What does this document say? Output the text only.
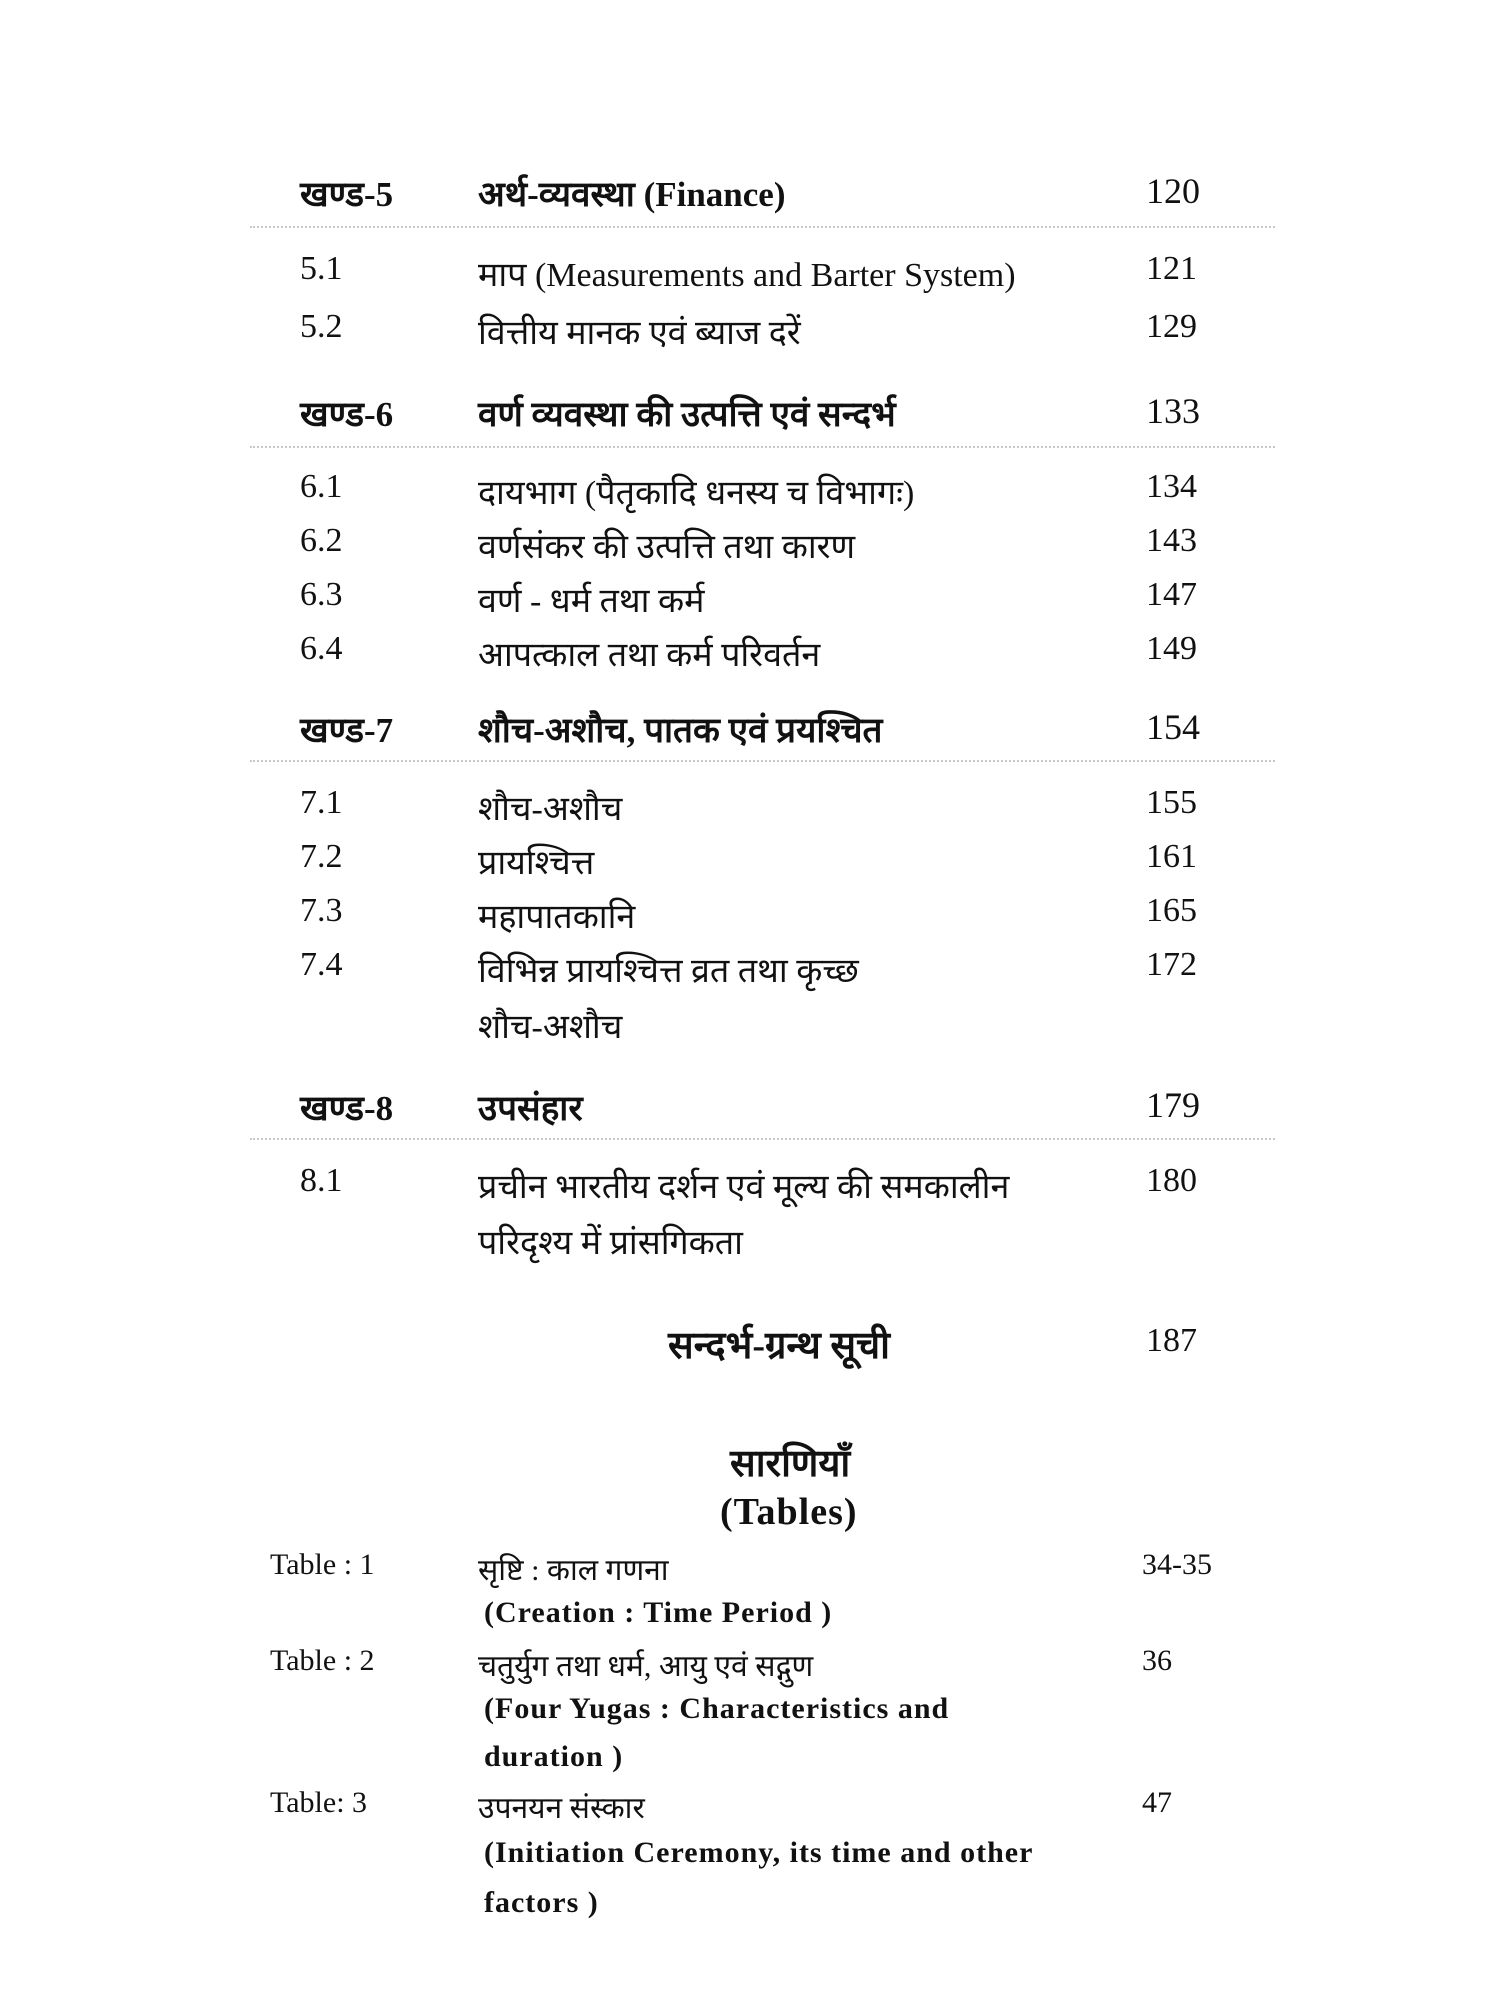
खण्ड-5 अर्थ-व्यवस्था (Finance)	120
5.1	माप (Measurements and Barter System)	121
5.2	वित्तीय मानक एवं ब्याज दरें	129
खण्ड-6 वर्ण व्यवस्था की उत्पत्ति एवं सन्दर्भ	133
6.1	दायभाग (पैतृकादि धनस्य च विभागः)	134
6.2	वर्णसंकर की उत्पत्ति तथा कारण	143
6.3	वर्ण - धर्म तथा कर्म	147
6.4	आपत्काल तथा कर्म परिवर्तन	149
खण्ड-7 शौच-अशौच, पातक एवं प्रयश्चित	154
7.1	शौच-अशौच	155
7.2	प्रायश्चित्त	161
7.3	महापातकानि	165
7.4	विभिन्न प्रायश्चित्त व्रत तथा कृच्छ	172
शौच-अशौच
खण्ड-8 उपसंहार	179
8.1	प्रचीन भारतीय दर्शन एवं मूल्य की समकालीन	180
परिदृश्य में प्रांसगिकता
सन्दर्भ-ग्रन्थ सूची	187
सारणियाँ
(Tables)
Table : 1	सृष्टि : काल गणना	34-35
(Creation : Time Period )
Table : 2	चतुर्युग तथा धर्म, आयु एवं सद्गुण	36
(Four Yugas : Characteristics and
duration )
Table: 3	उपनयन संस्कार	47
(Initiation Ceremony, its time and other
factors )
